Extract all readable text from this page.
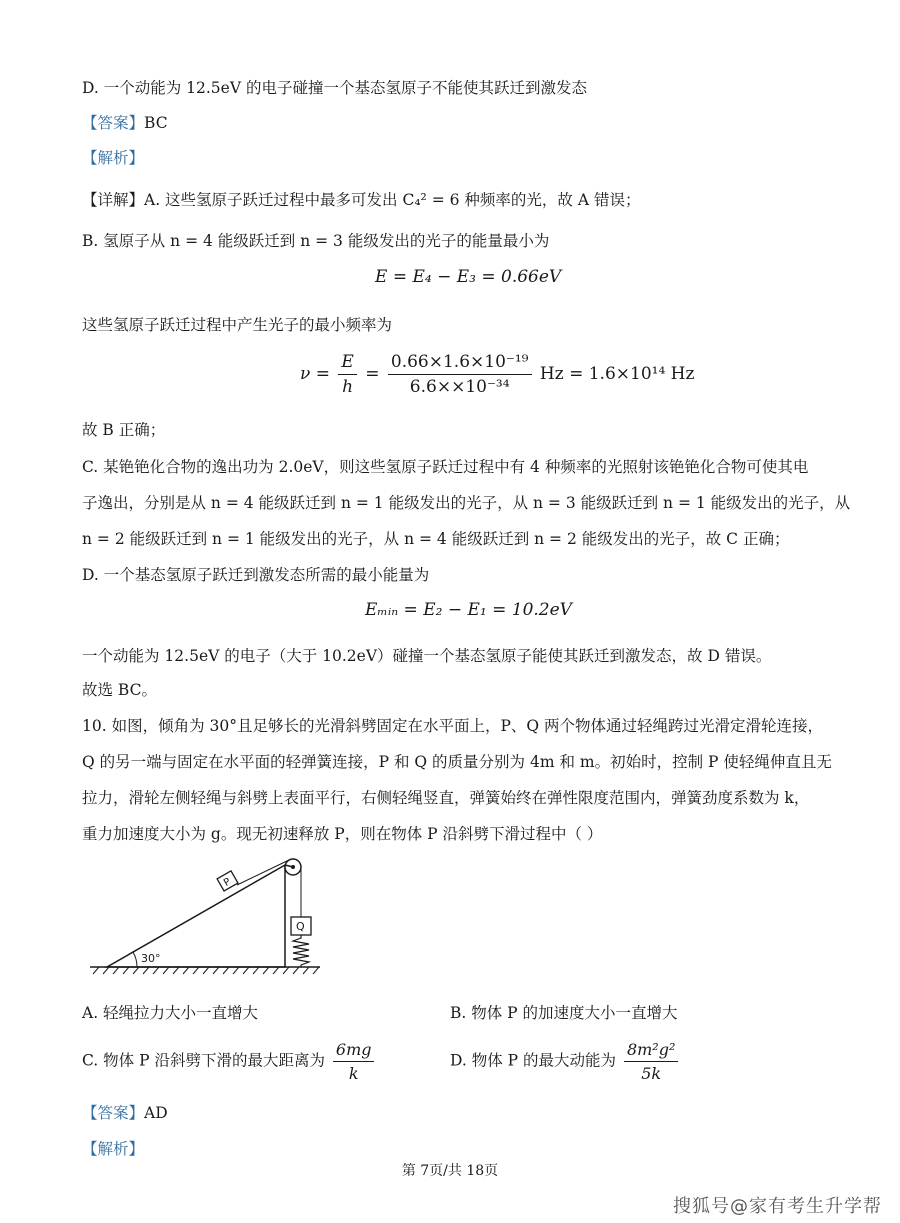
D. 一个动能为 12.5eV 的电子碰撞一个基态氢原子不能使其跃迁到激发态
【答案】BC
【解析】
【详解】A. 这些氢原子跃迁过程中最多可发出 C₄² = 6 种频率的光，故 A 错误；
B. 氢原子从 n = 4 能级跃迁到 n = 3 能级发出的光子的能量最小为
E = E₄ − E₃ = 0.66eV
这些氢原子跃迁过程中产生光子的最小频率为
$\nu = \frac{E}{h} = \frac{\text{0.66×1.6×10⁻¹⁹}}{\text{6.6××10⁻³⁴}}$ Hz = 1.6×10¹⁴ Hz
故 B 正确；
C. 某铯铯化合物的逸出功为 2.0eV，则这些氢原子跃迁过程中有 4 种频率的光照射该铯铯化合物可使其电
子逸出，分别是从 n = 4 能级跃迁到 n = 1 能级发出的光子，从 n = 3 能级跃迁到 n = 1 能级发出的光子，从
n = 2 能级跃迁到 n = 1 能级发出的光子，从 n = 4 能级跃迁到 n = 2 能级发出的光子，故 C 正确；
D. 一个基态氢原子跃迁到激发态所需的最小能量为
Eₘᵢₙ = E₂ − E₁ = 10.2eV
一个动能为 12.5eV 的电子（大于 10.2eV）碰撞一个基态氢原子能使其跃迁到激发态，故 D 错误。
故选 BC。
10. 如图，倾角为 30°且足够长的光滑斜劈固定在水平面上，P、Q 两个物体通过轻绳跨过光滑定滑轮连接，
Q 的另一端与固定在水平面的轻弹簧连接，P 和 Q 的质量分别为 4m 和 m。初始时，控制 P 使轻绳伸直且无
拉力，滑轮左侧轻绳与斜劈上表面平行，右侧轻绳竖直，弹簧始终在弹性限度范围内，弹簧劲度系数为 k，
重力加速度大小为 g。现无初速释放 P，则在物体 P 沿斜劈下滑过程中（ ）
30°
P
Q
A. 轻绳拉力大小一直增大	B. 物体 P 的加速度大小一直增大
C. 物体 P 沿斜劈下滑的最大距离为 $\frac{6mg}{k}$	D. 物体 P 的最大动能为 $\frac{\text{8m²g²}}{5k}$
【答案】AD
【解析】
第 7页/共 18页
搜狐号@家有考生升学帮
